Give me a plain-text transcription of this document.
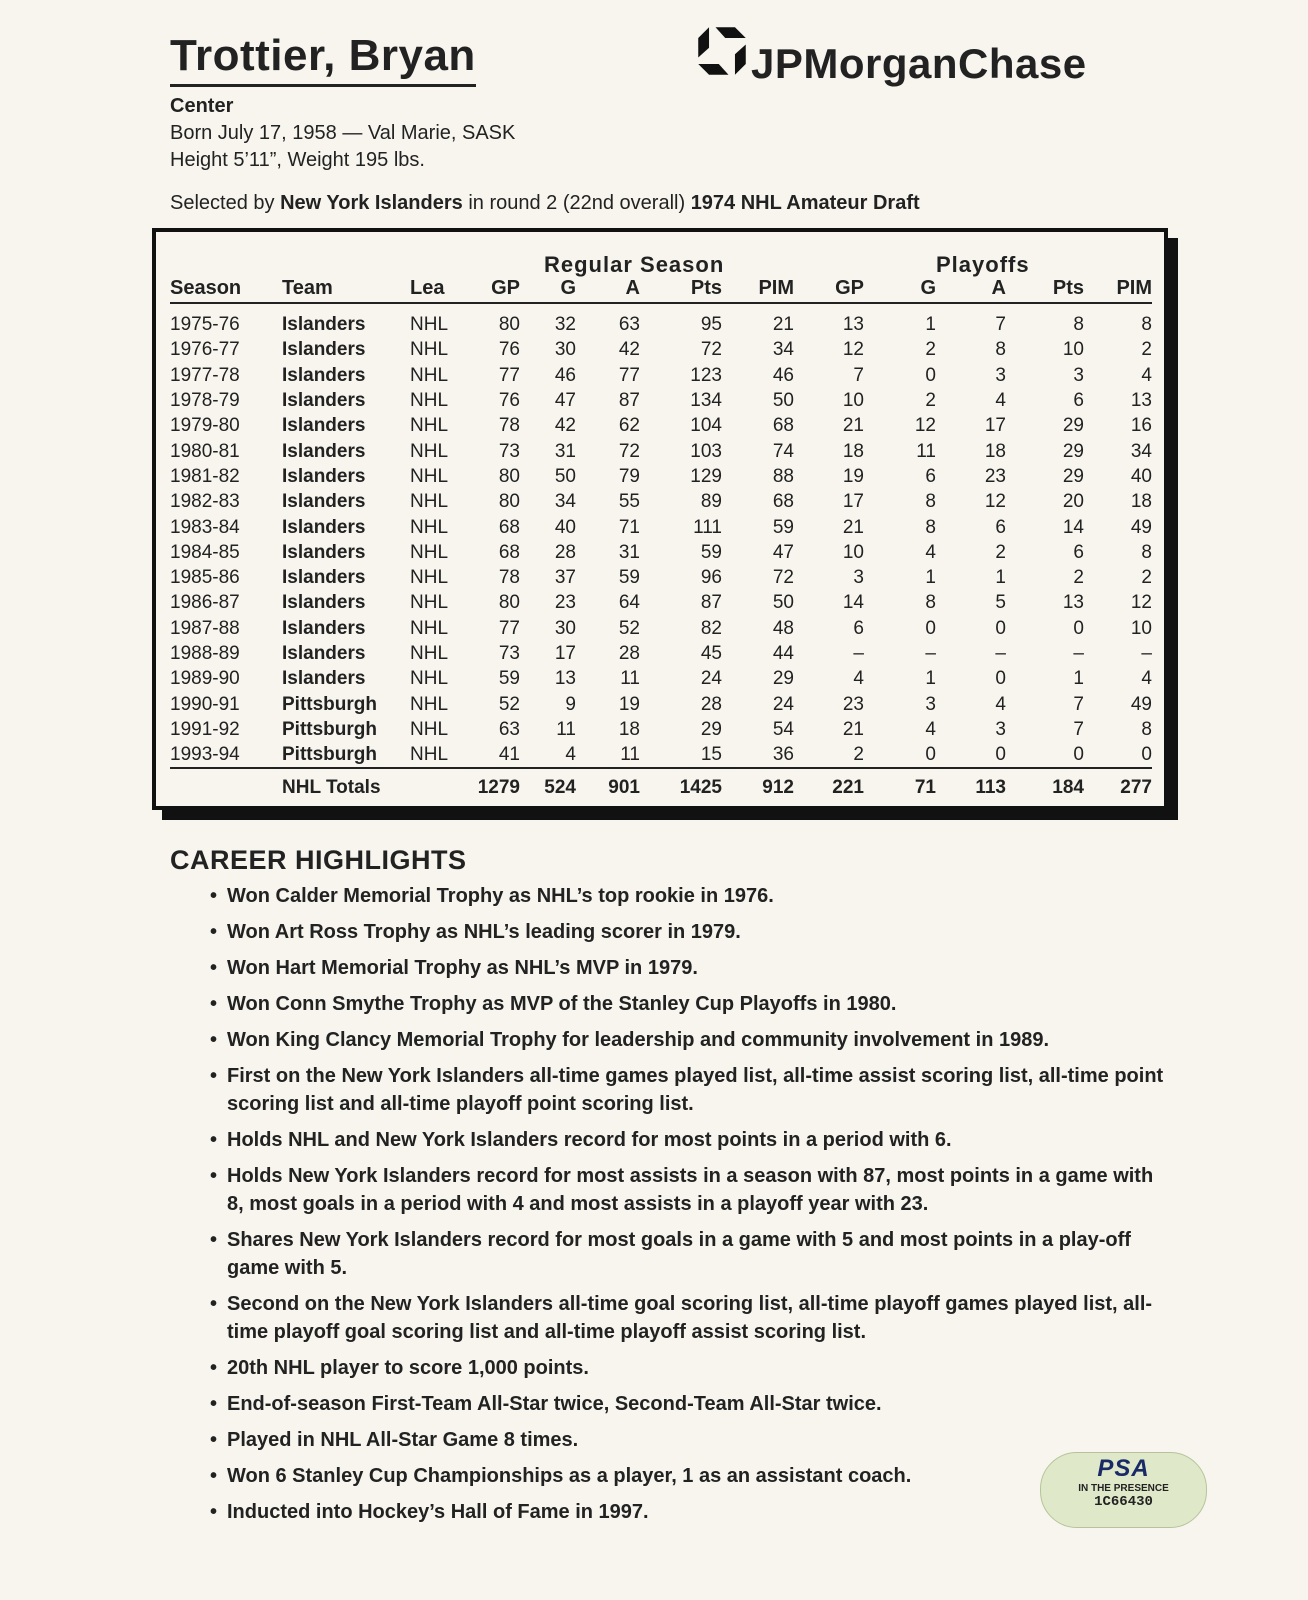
Trottier, Bryan	JPMorganChase
Center
Born July 17, 1958 — Val Marie, SASK
Height 5’11”, Weight 195 lbs.
Selected by New York Islanders in round 2 (22nd overall) 1974 NHL Amateur Draft
Regular Season	Playoffs
Season	Team	Lea	GP	G	A	Pts	PIM	GP	G	A	Pts	PIM
1975-76	Islanders	NHL	80	32	63	95	21	13	1	7	8	8
1976-77	Islanders	NHL	76	30	42	72	34	12	2	8	10	2
1977-78	Islanders	NHL	77	46	77	123	46	7	0	3	3	4
1978-79	Islanders	NHL	76	47	87	134	50	10	2	4	6	13
1979-80	Islanders	NHL	78	42	62	104	68	21	12	17	29	16
1980-81	Islanders	NHL	73	31	72	103	74	18	11	18	29	34
1981-82	Islanders	NHL	80	50	79	129	88	19	6	23	29	40
1982-83	Islanders	NHL	80	34	55	89	68	17	8	12	20	18
1983-84	Islanders	NHL	68	40	71	111	59	21	8	6	14	49
1984-85	Islanders	NHL	68	28	31	59	47	10	4	2	6	8
1985-86	Islanders	NHL	78	37	59	96	72	3	1	1	2	2
1986-87	Islanders	NHL	80	23	64	87	50	14	8	5	13	12
1987-88	Islanders	NHL	77	30	52	82	48	6	0	0	0	10
1988-89	Islanders	NHL	73	17	28	45	44	–	–	–	–	–
1989-90	Islanders	NHL	59	13	11	24	29	4	1	0	1	4
1990-91	Pittsburgh	NHL	52	9	19	28	24	23	3	4	7	49
1991-92	Pittsburgh	NHL	63	11	18	29	54	21	4	3	7	8
1993-94	Pittsburgh	NHL	41	4	11	15	36	2	0	0	0	0
	NHL Totals		1279	524	901	1425	912	221	71	113	184	277
CAREER HIGHLIGHTS
• Won Calder Memorial Trophy as NHL’s top rookie in 1976.
• Won Art Ross Trophy as NHL’s leading scorer in 1979.
• Won Hart Memorial Trophy as NHL’s MVP in 1979.
• Won Conn Smythe Trophy as MVP of the Stanley Cup Playoffs in 1980.
• Won King Clancy Memorial Trophy for leadership and community involvement in 1989.
• First on the New York Islanders all-time games played list, all-time assist scoring list, all-time point scoring list and all-time playoff point scoring list.
• Holds NHL and New York Islanders record for most points in a period with 6.
• Holds New York Islanders record for most assists in a season with 87, most points in a game with 8, most goals in a period with 4 and most assists in a playoff year with 23.
• Shares New York Islanders record for most goals in a game with 5 and most points in a play-off game with 5.
• Second on the New York Islanders all-time goal scoring list, all-time playoff games played list, all-time playoff goal scoring list and all-time playoff assist scoring list.
• 20th NHL player to score 1,000 points.
• End-of-season First-Team All-Star twice, Second-Team All-Star twice.
• Played in NHL All-Star Game 8 times.
• Won 6 Stanley Cup Championships as a player, 1 as an assistant coach.
• Inducted into Hockey’s Hall of Fame in 1997.
PSA
IN THE PRESENCE
1C66430
